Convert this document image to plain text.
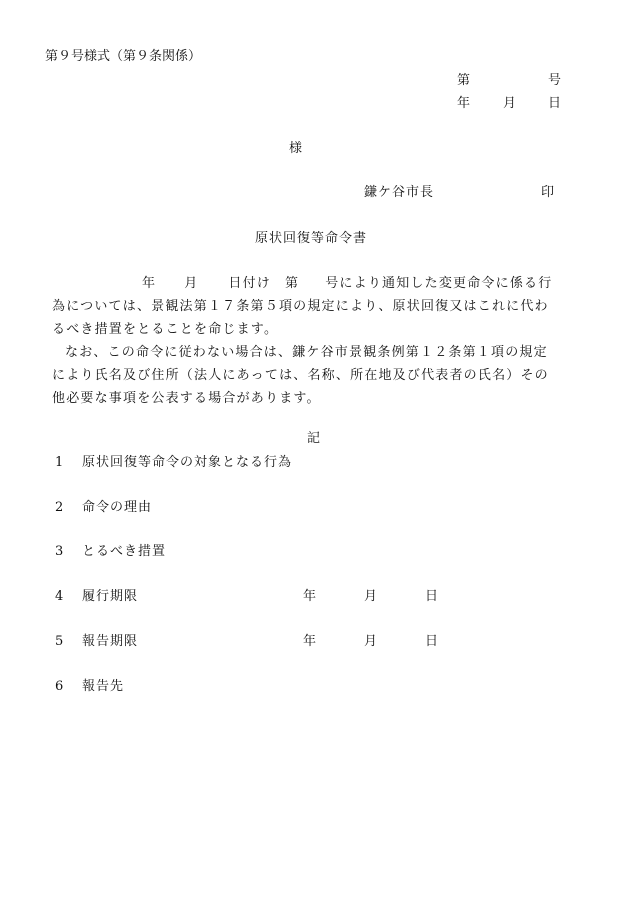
第９号様式（第９条関係）
第	号
年	月 日
様
鎌ケ谷市長	印
原状回復等命令書
年 月 日付け 第 号により通知した変更命令に係る行
為については、景観法第１７条第５項の規定により、原状回復又はこれに代わ
るべき措置をとることを命じます。
なお、この命令に従わない場合は、鎌ケ谷市景観条例第１２条第１項の規定
により氏名及び住所（法人にあっては、名称、所在地及び代表者の氏名）その
他必要な事項を公表する場合があります。
記
1 原状回復等命令の対象となる行為
2 命令の理由
3 とるべき措置
4 履行期限	年	月	日
5 報告期限	年	月	日
6 報告先
